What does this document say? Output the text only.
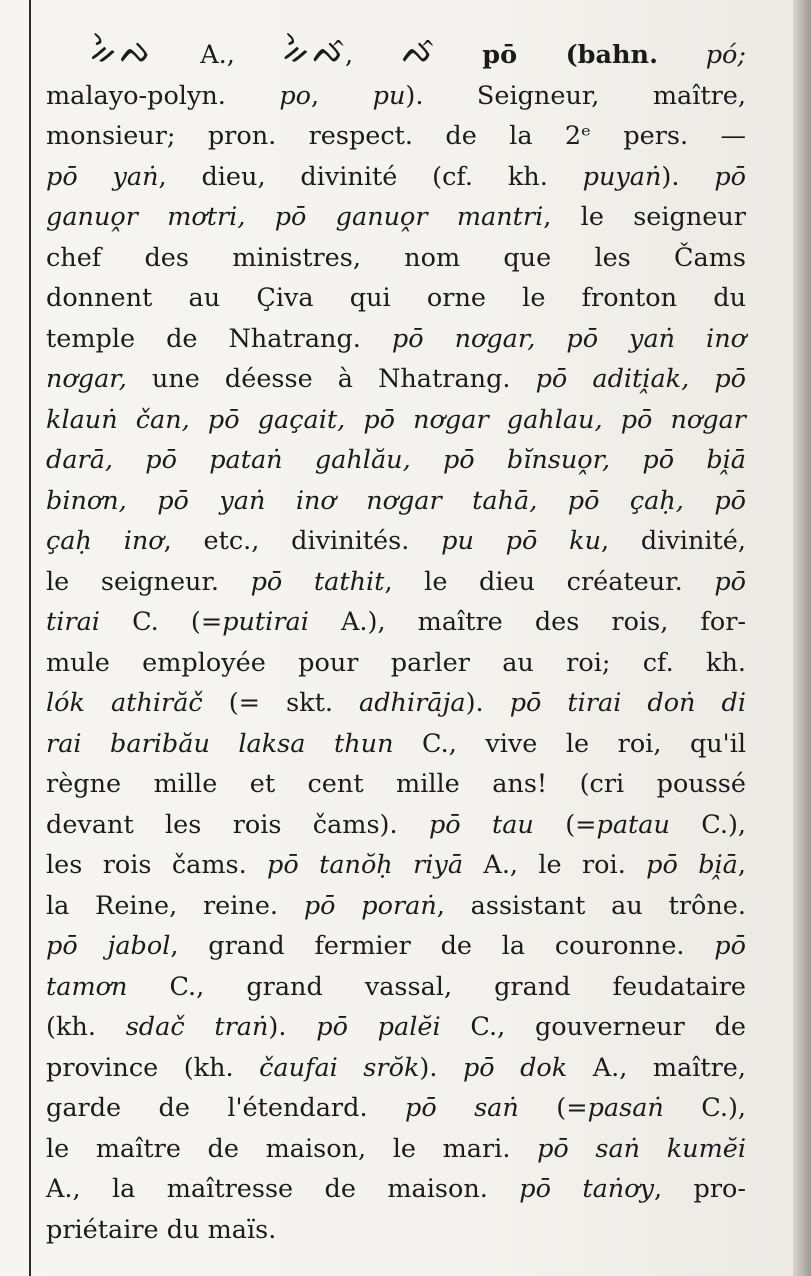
ᨀᨛᨄ A., ᨀᨛᨄ̂, ᨄ̂ pō (bahn. pó;
malayo-polyn. po, pu). Seigneur, maître,
monsieur; pron. respect. de la 2ᵉ pers. —
pō yaṅ, dieu, divinité (cf. kh. puyaṅ). pō
ganuo̭r mơtri, pō ganuo̭r mantri, le seigneur
chef des ministres, nom que les Čams
donnent au Çiva qui orne le fronton du
temple de Nhatrang. pō nơgar, pō yaṅ inơ
nơgar, une déesse à Nhatrang. pō aditi̭ak, pō
klauṅ čan, pō gaçait, pō nơgar gahlau, pō nơgar
darā, pō pataṅ gahlău, pō bĭnsuo̭r, pō bi̭ā
binơn, pō yaṅ inơ nơgar tahā, pō çaḥ, pō
çaḥ inơ, etc., divinités. pu pō ku, divinité,
le seigneur. pō tathit, le dieu créateur. pō
tirai C. (=putirai A.), maître des rois, for-
mule employée pour parler au roi; cf. kh.
lók athirăč (= skt. adhirāja). pō tirai doṅ di
rai baribău laksa thun C., vive le roi, qu'il
règne mille et cent mille ans! (cri poussé
devant les rois čams). pō tau (=patau C.),
les rois čams. pō tanŏḥ riyā A., le roi. pō bi̭ā,
la Reine, reine. pō poraṅ, assistant au trône.
pō jabol, grand fermier de la couronne. pō
tamơn C., grand vassal, grand feudataire
(kh. sdač traṅ). pō palĕi C., gouverneur de
province (kh. čaufai srŏk). pō dok A., maître,
garde de l'étendard. pō saṅ (=pasaṅ C.),
le maître de maison, le mari. pō saṅ kumĕi
A., la maîtresse de maison. pō taṅơy, pro-
priétaire du maïs.
